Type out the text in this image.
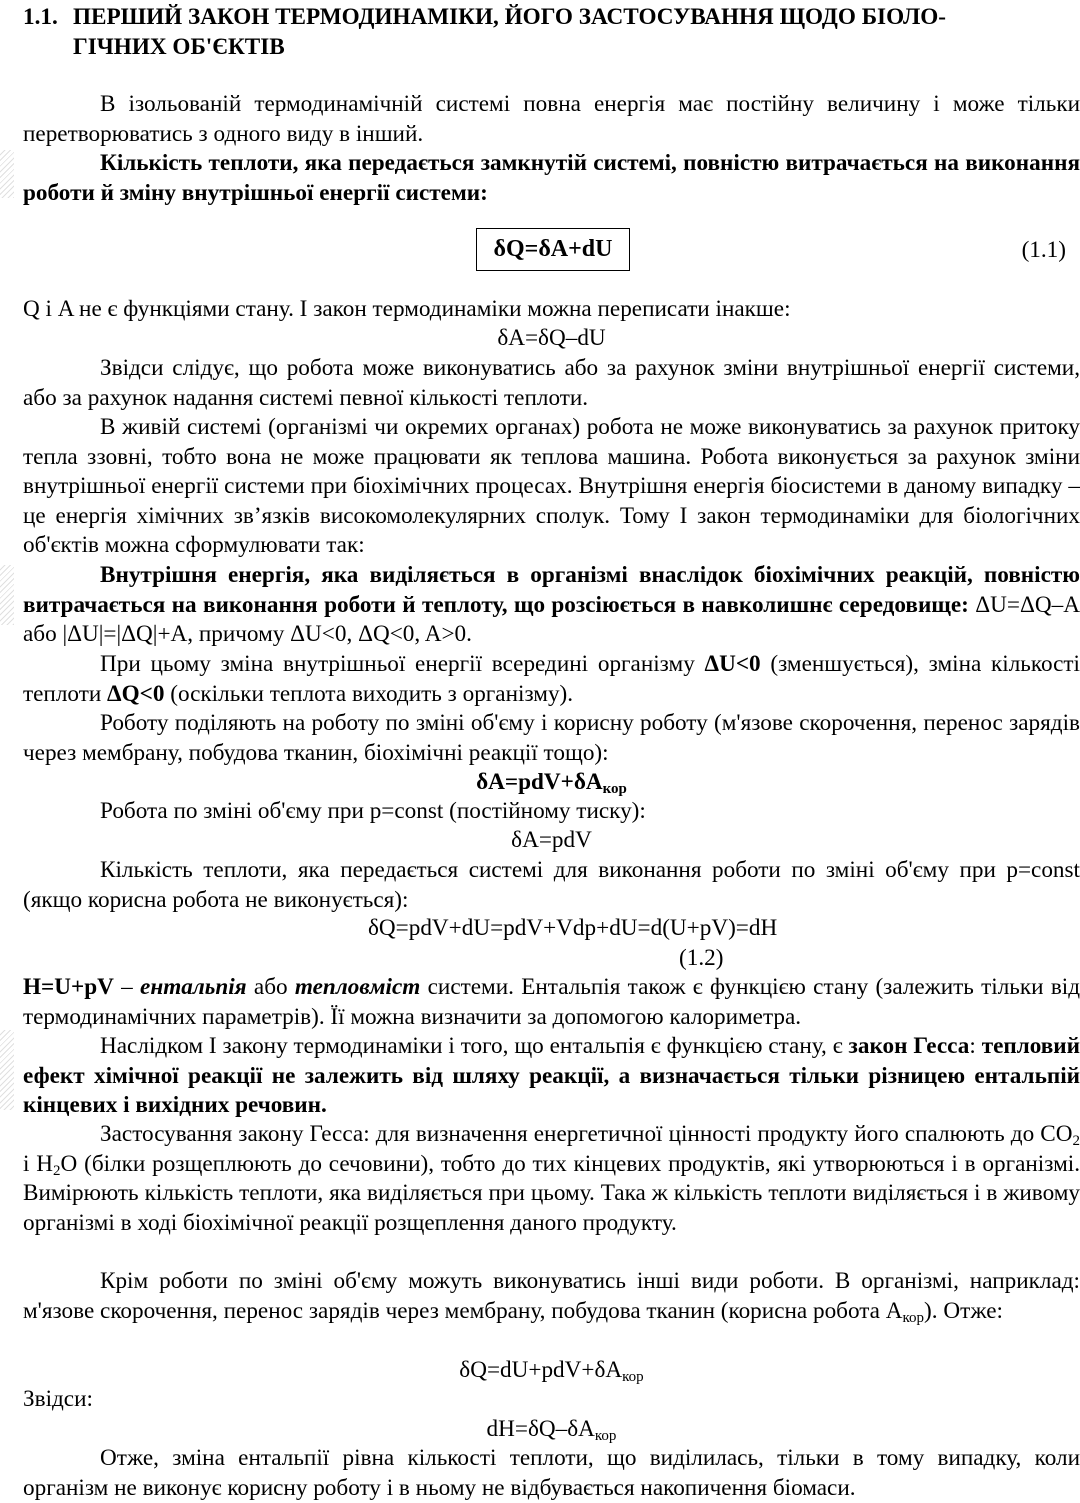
1.1. ПЕРШИЙ ЗАКОН ТЕРМОДИНАМІКИ, ЙОГО ЗАСТОСУВАННЯ ЩОДО БІОЛО-
ГІЧНИХ ОБ'ЄКТІВ

В ізольованій термодинамічній системі повна енергія має постійну величину і може тільки перетворюватись з одного виду в інший.

Кількість теплоти, яка передається замкнутій системі, повністю витрачається на виконання роботи й зміну внутрішньої енергії системи:

δQ=δA+dU	(1.1)

Q і A не є функціями стану. І закон термодинаміки можна переписати інакше:

δA=δQ–dU

Звідси слідує, що робота може виконуватись або за рахунок зміни внутрішньої енергії системи, або за рахунок надання системі певної кількості теплоти.

В живій системі (організмі чи окремих органах) робота не може виконуватись за рахунок притоку тепла ззовні, тобто вона не може працювати як теплова машина. Робота виконується за рахунок зміни внутрішньої енергії системи при біохімічних процесах. Внутрішня енергія біосистеми в даному випадку – це енергія хімічних зв’язків високомолекулярних сполук. Тому І закон термодинаміки для біологічних об'єктів можна сформулювати так:

Внутрішня енергія, яка виділяється в організмі внаслідок біохімічних реакцій, повністю витрачається на виконання роботи й теплоту, що розсіюється в навколишнє середовище: ΔU=ΔQ–A або |ΔU|=|ΔQ|+A, причому ΔU<0, ΔQ<0, A>0.

При цьому зміна внутрішньої енергії всередині організму ΔU<0 (зменшується), зміна кількості теплоти ΔQ<0 (оскільки теплота виходить з організму).

Роботу поділяють на роботу по зміні об'єму і корисну роботу (м'язове скорочення, перенос зарядів через мембрану, побудова тканин, біохімічні реакції тощо):

$\delta A=pdV+\delta A_{кор}$

Робота по зміні об'єму при p=const (постійному тиску):

δA=pdV

Кількість теплоти, яка передається системі для виконання роботи по зміні об'єму при p=const (якщо корисна робота не виконується):

δQ=pdV+dU=pdV+Vdp+dU=d(U+pV)=dH

(1.2)

H=U+pV – ентальпія або тепловміст системи. Ентальпія також є функцією стану (залежить тільки від термодинамічних параметрів). Її можна визначити за допомогою калориметра.

Наслідком І закону термодинаміки і того, що ентальпія є функцією стану, є закон Гесса: тепловий ефект хімічної реакції не залежить від шляху реакції, а визначається тільки різницею ентальпій кінцевих і вихідних речовин.

Застосування закону Гесса: для визначення енергетичної цінності продукту його спалюють до $CO_2$ і $H_2O$ (білки розщеплюють до сечовини), тобто до тих кінцевих продуктів, які утворюються і в організмі. Вимірюють кількість теплоти, яка виділяється при цьому. Така ж кількість теплоти виділяється і в живому організмі в ході біохімічної реакції розщеплення даного продукту.

Крім роботи по зміні об'єму можуть виконуватись інші види роботи. В організмі, наприклад: м'язове скорочення, перенос зарядів через мембрану, побудова тканин (корисна робота $A_{кор}$). Отже:

$\delta Q=dU+pdV+\delta A_{кор}$

Звідси:

$dH=\delta Q-\delta A_{кор}$

Отже, зміна ентальпії рівна кількості теплоти, що виділилась, тільки в тому випадку, коли організм не виконує корисну роботу і в ньому не відбувається накопичення біомаси.
